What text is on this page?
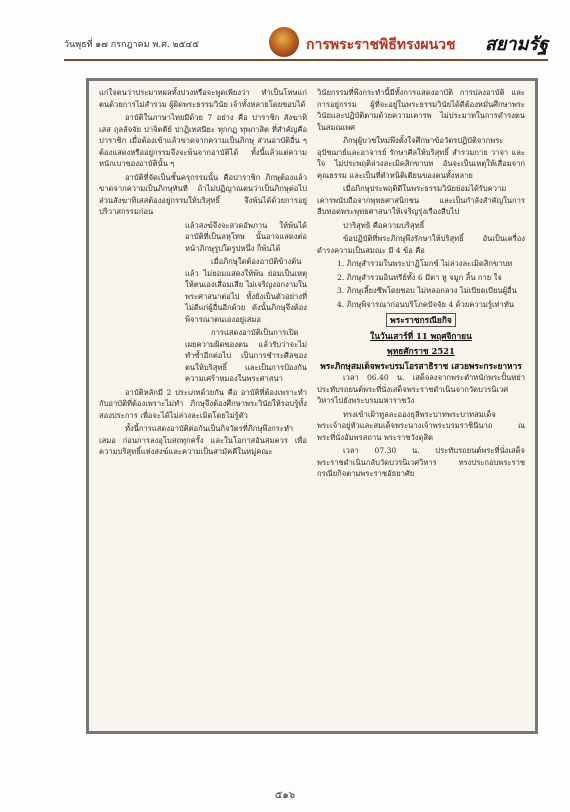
วันพุธที่ ๑๗ กรกฎาคม พ.ศ. ๒๕๔๕	การพระราชพิธีทรงผนวช สยามรัฐ

แก่ใจตนว่าประมาทผลทั้งปวงหรือจะพูดเพียงว่า ทำเป็นโทษแก่ตนด้วยการไม่สำรวม ผู้ผิดพระธรรมวินัย เจ้าทั้งหลายโดยชอบได้

อาบัติในภาษาไทยมีด้วย 7 อย่าง คือ ปาราชิก สังฆาทิเสส ถุลลัจจัย ปาจิตตีย์ ปาฏิเทสนียะ ทุกกฏ ทุพภาสิต ที่สำคัญคือ ปาราชิก เมื่อต้องเข้าแล้วขาดจากความเป็นภิกษุ ส่วนอาบัติอื่น ๆ ต้องแสดงหรืออยู่กรรมจึงจะพ้นจากอาบัติได้ ทั้งนี้แล้วแต่ความหนักเบาของอาบัตินั้น ๆ

อาบัติที่จัดเป็นชั้นครุกรรมนั้น คือปาราชิก ภิกษุต้องแล้วขาดจากความเป็นภิกษุทันที ถ้าไม่ปฏิญาณตนว่าเป็นภิกษุต่อไป ส่วนสังฆาทิเสสต้องอยู่กรรมให้บริสุทธิ์ จึงพ้นได้ด้วยการอยู่ปริวาสกรรมก่อน

แล้วสงฆ์จึงจะสวดอัพภาน ให้พ้นได้ อาบัติที่เป็นลหุโทษ นั้นอาจแสดงต่อหน้าภิกษุรูปใดรูปหนึ่ง ก็พ้นได้

เมื่อภิกษุใดต้องอาบัติข้างต้นแล้ว ไม่ยอมแสดงให้พ้น ย่อมเป็นเหตุให้ตนเองเสื่อมเสีย ไม่เจริญงอกงามในพระศาสนาต่อไป ทั้งยังเป็นตัวอย่างที่ไม่ดีแก่ผู้อื่นอีกด้วย ดังนั้นภิกษุจึงต้องพิจารณาตนเองอยู่เสมอ

การแสดงอาบัติเป็นการเปิดเผยความผิดของตน แล้วรับว่าจะไม่ทำซ้ำอีกต่อไป เป็นการชำระศีลของตนให้บริสุทธิ์ และเป็นการป้องกันความเศร้าหมองในพระศาสนา

อาบัติหลักมี 2 ประเภทด้วยกัน คือ อาบัติที่ต้องเพราะทำกับอาบัติที่ต้องเพราะไม่ทำ ภิกษุจึงต้องศึกษาพระวินัยให้รอบรู้ทั้งสองประการ เพื่อจะได้ไม่ล่วงละเมิดโดยไม่รู้ตัว

ทั้งนี้การแสดงอาบัติต่อกันเป็นกิจวัตรที่ภิกษุพึงกระทำเสมอ ก่อนการลงอุโบสถทุกครั้ง และในโอกาสอันสมควร เพื่อความบริสุทธิ์แห่งสงฆ์และความเป็นสามัคคีในหมู่คณะ

วินัยกรรมที่พึงกระทำนี้มีทั้งการแสดงอาบัติ การปลงอาบัติ และการอยู่กรรม ผู้ที่จะอยู่ในพระธรรมวินัยได้ดีต้องหมั่นศึกษาพระวินัยและปฏิบัติตามด้วยความเคารพ ไม่ประมาทในการดำรงตนในสมณเพศ

ภิกษุผู้บวชใหม่พึงตั้งใจศึกษาข้อวัตรปฏิบัติจากพระอุปัชฌาย์และอาจารย์ รักษาศีลให้บริสุทธิ์ สำรวมกาย วาจา และใจ ไม่ประพฤติล่วงละเมิดสิกขาบท อันจะเป็นเหตุให้เสื่อมจากคุณธรรม และเป็นที่ตำหนิติเตียนของคนทั้งหลาย

เมื่อภิกษุประพฤติดีในพระธรรมวินัยย่อมได้รับความเคารพนับถือจากพุทธศาสนิกชน และเป็นกำลังสำคัญในการสืบทอดพระพุทธศาสนาให้เจริญรุ่งเรืองสืบไป

ปาริสุทธิ คือความบริสุทธิ์

ข้อปฏิบัติที่พระภิกษุพึงรักษาให้บริสุทธิ์ อันเป็นเครื่องดำรงความเป็นสมณะ มี 4 ข้อ คือ

1. ภิกษุสำรวมในพระปาฏิโมกข์ ไม่ล่วงละเมิดสิกขาบท
2. ภิกษุสำรวมอินทรีย์ทั้ง 6 มีตา หู จมูก ลิ้น กาย ใจ
3. ภิกษุเลี้ยงชีพโดยชอบ ไม่หลอกลวง ไม่เบียดเบียนผู้อื่น
4. ภิกษุพิจารณาก่อนบริโภคปัจจัย 4 ด้วยความรู้เท่าทัน

พระราชกรณียกิจ

ในวันเสาร์ที่ 11 พฤศจิกายน

พุทธศักราช 2521

พระภิกษุสมเด็จพระบรมโอรสาธิราช เสวยพระกระยาหาร

เวลา 06.40 น. เสด็จลงจากพระตำหนักพระปั้นหย่า ประทับรถยนต์พระที่นั่งเสด็จพระราชดำเนินจากวัดบวรนิเวศวิหารไปยังพระบรมมหาราชวัง

ทรงเข้าเฝ้าทูลละอองธุลีพระบาทพระบาทสมเด็จพระเจ้าอยู่หัวและสมเด็จพระนางเจ้าพระบรมราชินีนาถ ณ พระที่นั่งอัมพรสถาน พระราชวังดุสิต

เวลา 07.30 น. ประทับรถยนต์พระที่นั่งเสด็จพระราชดำเนินกลับวัดบวรนิเวศวิหาร ทรงประกอบพระราชกรณียกิจตามพระราชอัธยาศัย

๕๑๖
